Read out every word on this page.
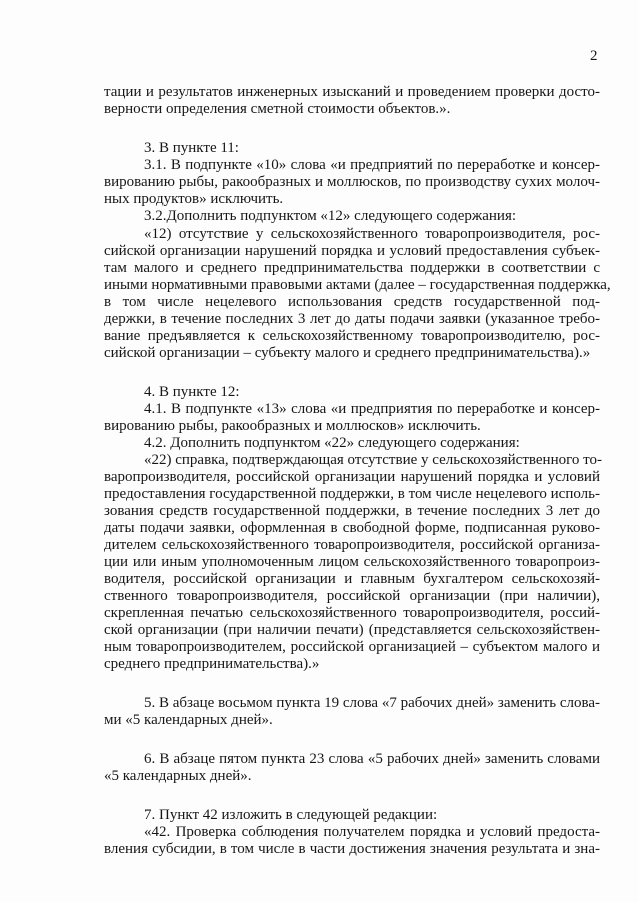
2
тации и результатов инженерных изысканий и проведением проверки досто-
верности определения сметной стоимости объектов.».
3. В пункте 11:
3.1. В подпункте «10» слова «и предприятий по переработке и консер-
вированию рыбы, ракообразных и моллюсков, по производству сухих молоч-
ных продуктов» исключить.
3.2.Дополнить подпунктом «12» следующего содержания:
«12) отсутствие у сельскохозяйственного товаропроизводителя, рос-
сийской организации нарушений порядка и условий предоставления субъек-
там малого и среднего предпринимательства поддержки в соответствии с
иными нормативными правовыми актами (далее – государственная поддержка,
в том числе нецелевого использования средств государственной под-
держки, в течение последних 3 лет до даты подачи заявки (указанное требо-
вание предъявляется к сельскохозяйственному товаропроизводителю, рос-
сийской организации – субъекту малого и среднего предпринимательства).»
4. В пункте 12:
4.1. В подпункте «13» слова «и предприятия по переработке и консер-
вированию рыбы, ракообразных и моллюсков» исключить.
4.2. Дополнить подпунктом «22» следующего содержания:
«22) справка, подтверждающая отсутствие у сельскохозяйственного то-
варопроизводителя, российской организации нарушений порядка и условий
предоставления государственной поддержки, в том числе нецелевого исполь-
зования средств государственной поддержки, в течение последних 3 лет до
даты подачи заявки, оформленная в свободной форме, подписанная руково-
дителем сельскохозяйственного товаропроизводителя, российской организа-
ции или иным уполномоченным лицом сельскохозяйственного товаропроиз-
водителя, российской организации и главным бухгалтером сельскохозяй-
ственного товаропроизводителя, российской организации (при наличии),
скрепленная печатью сельскохозяйственного товаропроизводителя, россий-
ской организации (при наличии печати) (представляется сельскохозяйствен-
ным товаропроизводителем, российской организацией – субъектом малого и
среднего предпринимательства).»
5. В абзаце восьмом пункта 19 слова «7 рабочих дней» заменить слова-
ми «5 календарных дней».
6. В абзаце пятом пункта 23 слова «5 рабочих дней» заменить словами
«5 календарных дней».
7. Пункт 42 изложить в следующей редакции:
«42. Проверка соблюдения получателем порядка и условий предоста-
вления субсидии, в том числе в части достижения значения результата и зна-
